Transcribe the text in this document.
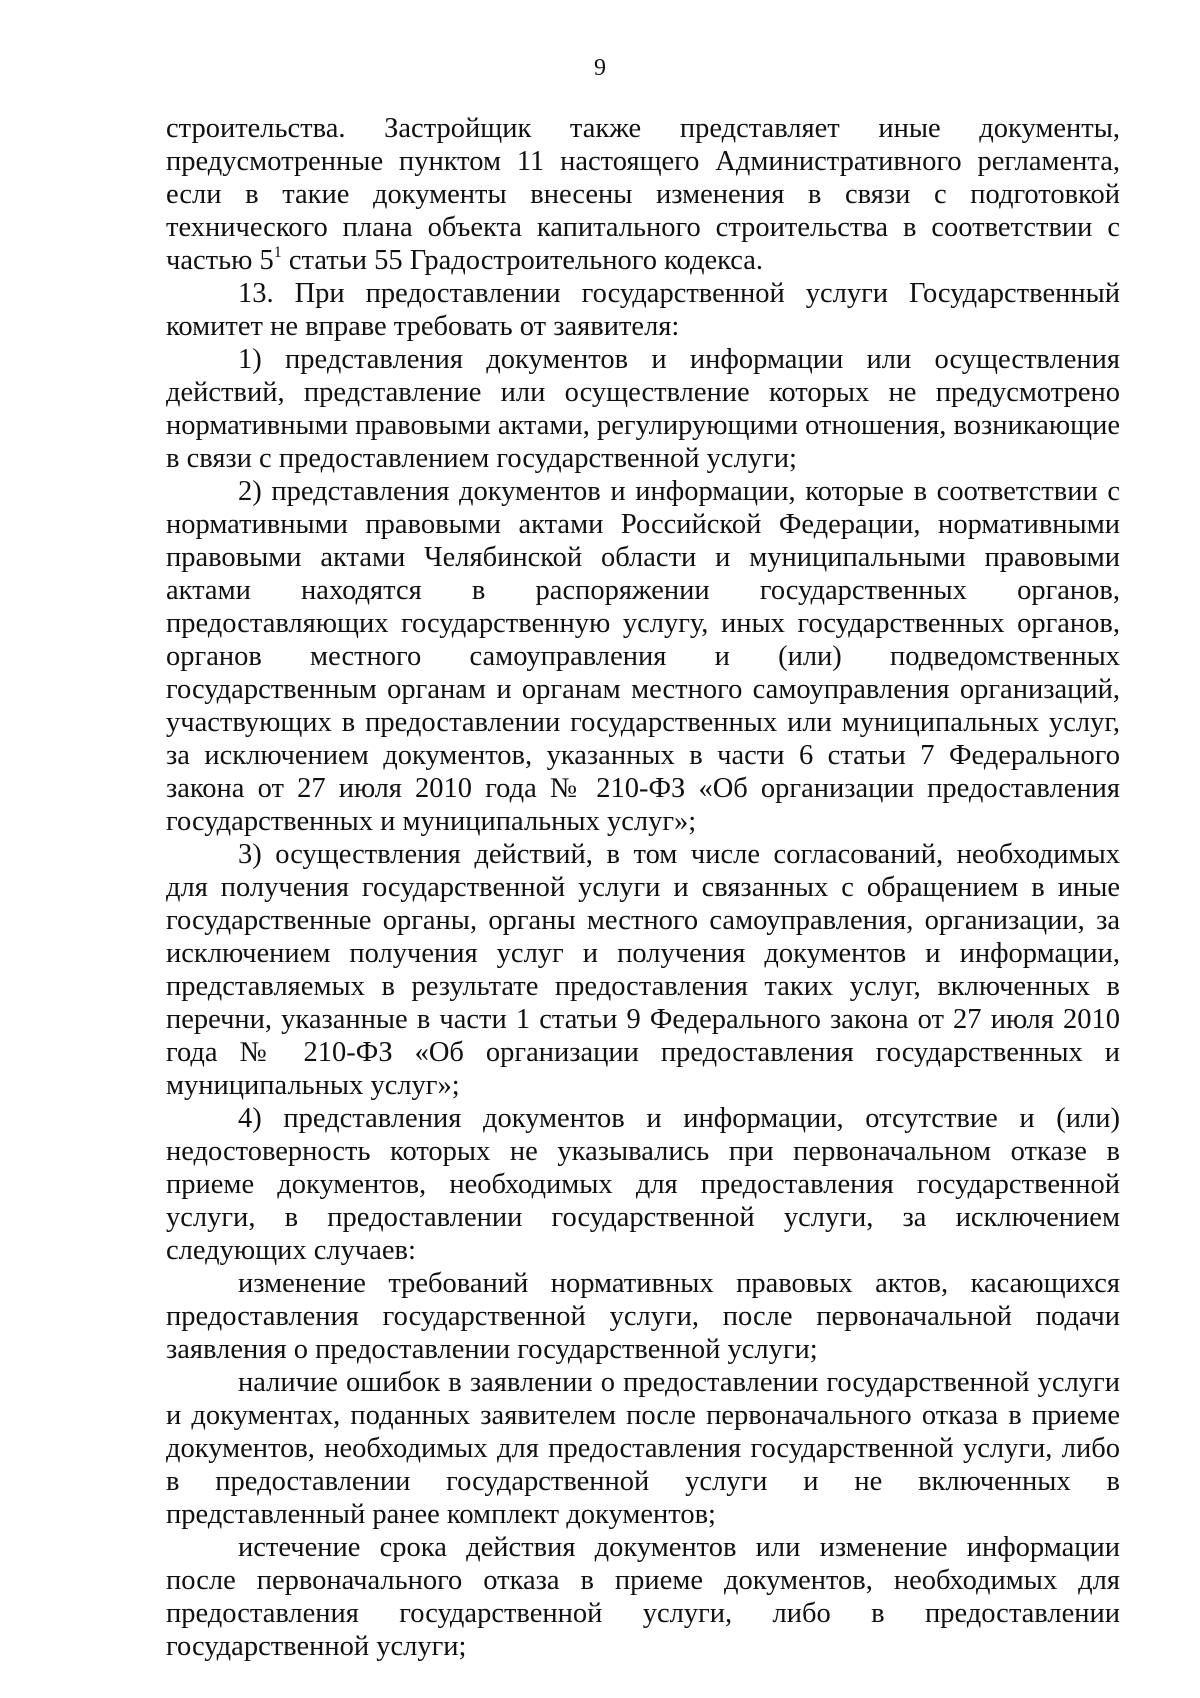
9

строительства. Застройщик также представляет иные документы, предусмотренные пунктом 11 настоящего Административного регламента, если в такие документы внесены изменения в связи с подготовкой технического плана объекта капитального строительства в соответствии с частью $5^1$ статьи 55 Градостроительного кодекса.

13. При предоставлении государственной услуги Государственный комитет не вправе требовать от заявителя:

1) представления документов и информации или осуществления действий, представление или осуществление которых не предусмотрено нормативными правовыми актами, регулирующими отношения, возникающие в связи с предоставлением государственной услуги;

2) представления документов и информации, которые в соответствии с нормативными правовыми актами Российской Федерации, нормативными правовыми актами Челябинской области и муниципальными правовыми актами находятся в распоряжении государственных органов, предоставляющих государственную услугу, иных государственных органов, органов местного самоуправления и (или) подведомственных государственным органам и органам местного самоуправления организаций, участвующих в предоставлении государственных или муниципальных услуг, за исключением документов, указанных в части 6 статьи 7 Федерального закона от 27 июля 2010 года № 210-ФЗ «Об организации предоставления государственных и муниципальных услуг»;

3) осуществления действий, в том числе согласований, необходимых для получения государственной услуги и связанных с обращением в иные государственные органы, органы местного самоуправления, организации, за исключением получения услуг и получения документов и информации, представляемых в результате предоставления таких услуг, включенных в перечни, указанные в части 1 статьи 9 Федерального закона от 27 июля 2010 года № 210-ФЗ «Об организации предоставления государственных и муниципальных услуг»;

4) представления документов и информации, отсутствие и (или) недостоверность которых не указывались при первоначальном отказе в приеме документов, необходимых для предоставления государственной услуги, в предоставлении государственной услуги, за исключением следующих случаев:

изменение требований нормативных правовых актов, касающихся предоставления государственной услуги, после первоначальной подачи заявления о предоставлении государственной услуги;

наличие ошибок в заявлении о предоставлении государственной услуги и документах, поданных заявителем после первоначального отказа в приеме документов, необходимых для предоставления государственной услуги, либо в предоставлении государственной услуги и не включенных в представленный ранее комплект документов;

истечение срока действия документов или изменение информации после первоначального отказа в приеме документов, необходимых для предоставления государственной услуги, либо в предоставлении государственной услуги;
